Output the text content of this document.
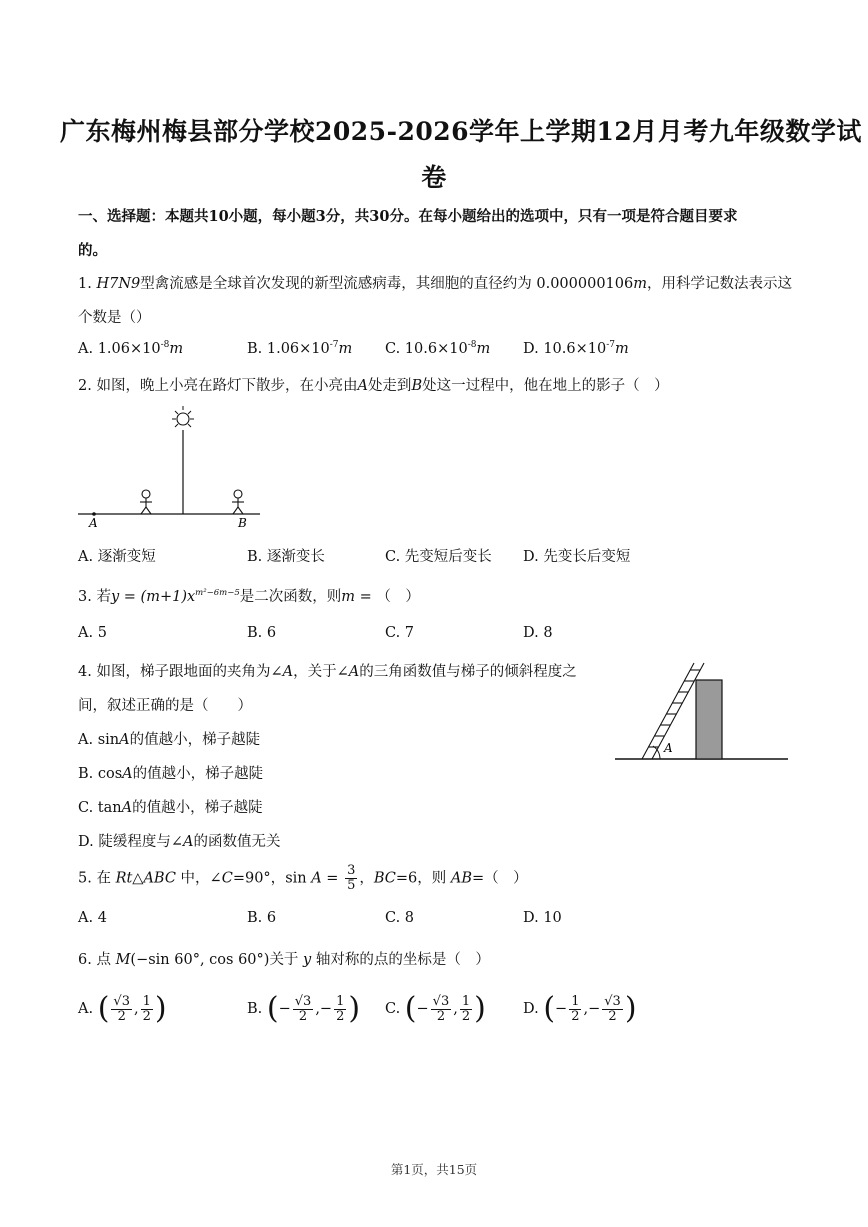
广东梅州梅县部分学校2025-2026学年上学期12月月考九年级数学试
卷
一、选择题：本题共10小题，每小题3分，共30分。在每小题给出的选项中，只有一项是符合题目要求
的。
1. H7N9型禽流感是全球首次发现的新型流感病毒，其细胞的直径约为 0.000000106m，用科学记数法表示这
个数是（）
A. $1.06\times 10^{-8}m$	B. $1.06\times 10^{-7}m$ C. $10.6\times 10^{-8}m$ D. $10.6\times 10^{-7}m$
2. 如图，晚上小亮在路灯下散步，在小亮由A处走到B处这一过程中，他在地上的影子（　）
A	B
A. 逐渐变短	B. 逐渐变长	C. 先变短后变长 D. 先变长后变短
3. 若$y = (m+1)x^{m^2-6m-5}$是二次函数，则m = （　）
A. 5	B. 6	C. 7	D. 8
4. 如图，梯子跟地面的夹角为∠A，关于∠A的三角函数值与梯子的倾斜程度之
间，叙述正确的是（　　）
A. sinA的值越小，梯子越陡
B. cosA的值越小，梯子越陡
C. tanA的值越小，梯子越陡
D. 陡缓程度与∠A的函数值无关
A
5. 在 Rt△ABC 中，∠C=90°，$\sin A = \frac{3}{5}$ ，BC=6，则 AB=（　）
A. 4	B. 6	C. 8	D. 10
6. 点 M(−sin 60°, cos 60°)关于 y 轴对称的点的坐标是（　）
A. ( $\frac{√3}{2}$ , $\frac{1}{2}$ )	B. (− $\frac{√3}{2}$ ,− $\frac{1}{2}$ ) C. (− $\frac{√3}{2}$ , $\frac{1}{2}$ )	D. (− $\frac{1}{2}$ ,− $\frac{√3}{2}$ )
第1页，共15页
